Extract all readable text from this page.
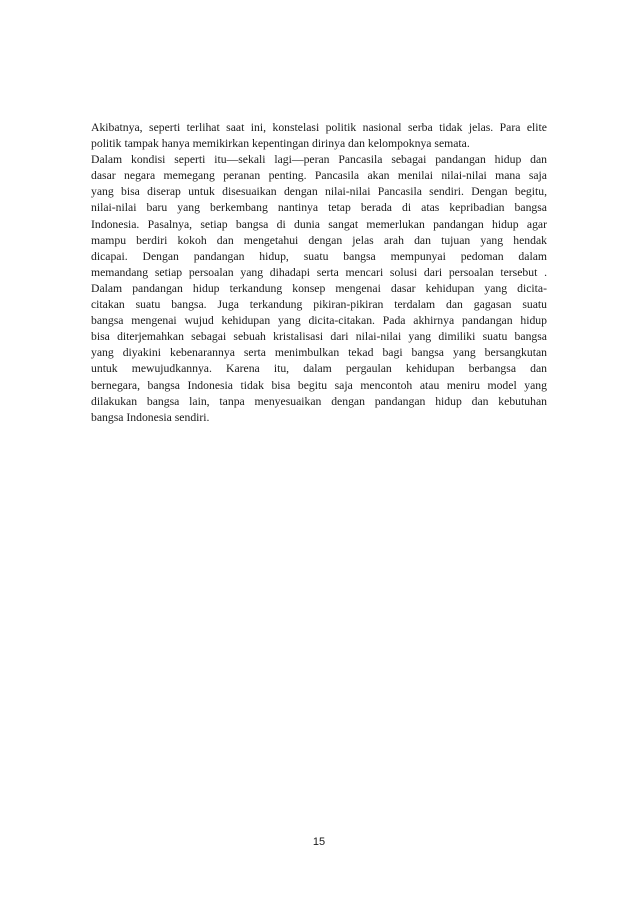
Akibatnya, seperti terlihat saat ini, konstelasi politik nasional serba tidak jelas. Para elite
politik tampak hanya memikirkan kepentingan dirinya dan kelompoknya semata.
Dalam kondisi seperti itu—sekali lagi—peran Pancasila sebagai pandangan hidup dan
dasar negara memegang peranan penting. Pancasila akan menilai nilai-nilai mana saja
yang bisa diserap untuk disesuaikan dengan nilai-nilai Pancasila sendiri. Dengan begitu,
nilai-nilai baru yang berkembang nantinya tetap berada di atas kepribadian bangsa
Indonesia. Pasalnya, setiap bangsa di dunia sangat memerlukan pandangan hidup agar
mampu berdiri kokoh dan mengetahui dengan jelas arah dan tujuan yang hendak
dicapai. Dengan pandangan hidup, suatu bangsa mempunyai pedoman dalam
memandang setiap persoalan yang dihadapi serta mencari solusi dari persoalan tersebut .
Dalam pandangan hidup terkandung konsep mengenai dasar kehidupan yang dicita-
citakan suatu bangsa. Juga terkandung pikiran-pikiran terdalam dan gagasan suatu
bangsa mengenai wujud kehidupan yang dicita-citakan. Pada akhirnya pandangan hidup
bisa diterjemahkan sebagai sebuah kristalisasi dari nilai-nilai yang dimiliki suatu bangsa
yang diyakini kebenarannya serta menimbulkan tekad bagi bangsa yang bersangkutan
untuk mewujudkannya. Karena itu, dalam pergaulan kehidupan berbangsa dan
bernegara, bangsa Indonesia tidak bisa begitu saja mencontoh atau meniru model yang
dilakukan bangsa lain, tanpa menyesuaikan dengan pandangan hidup dan kebutuhan
bangsa Indonesia sendiri.
15
